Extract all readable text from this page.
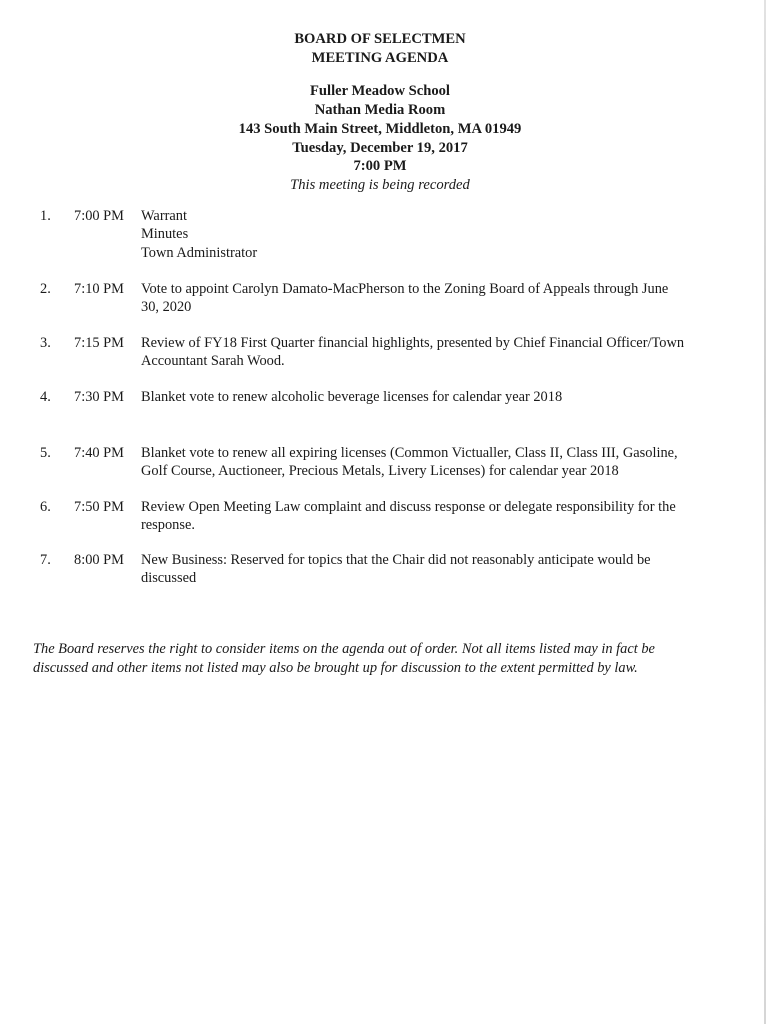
BOARD OF SELECTMEN
MEETING AGENDA
Fuller Meadow School
Nathan Media Room
143 South Main Street, Middleton, MA 01949
Tuesday, December 19, 2017
7:00 PM
This meeting is being recorded
1.	7:00 PM	Warrant
Minutes
Town Administrator
2.	7:10 PM	Vote to appoint Carolyn Damato-MacPherson to the Zoning Board of Appeals through June
30, 2020
3.	7:15 PM	Review of FY18 First Quarter financial highlights, presented by Chief Financial Officer/Town
Accountant Sarah Wood.
4.	7:30 PM	Blanket vote to renew alcoholic beverage licenses for calendar year 2018
5.	7:40 PM	Blanket vote to renew all expiring licenses (Common Victualler, Class II, Class III, Gasoline,
Golf Course, Auctioneer, Precious Metals, Livery Licenses) for calendar year 2018
6.	7:50 PM	Review Open Meeting Law complaint and discuss response or delegate responsibility for the
response.
7.	8:00 PM	New Business: Reserved for topics that the Chair did not reasonably anticipate would be
discussed
The Board reserves the right to consider items on the agenda out of order. Not all items listed may in fact be
discussed and other items not listed may also be brought up for discussion to the extent permitted by law.
